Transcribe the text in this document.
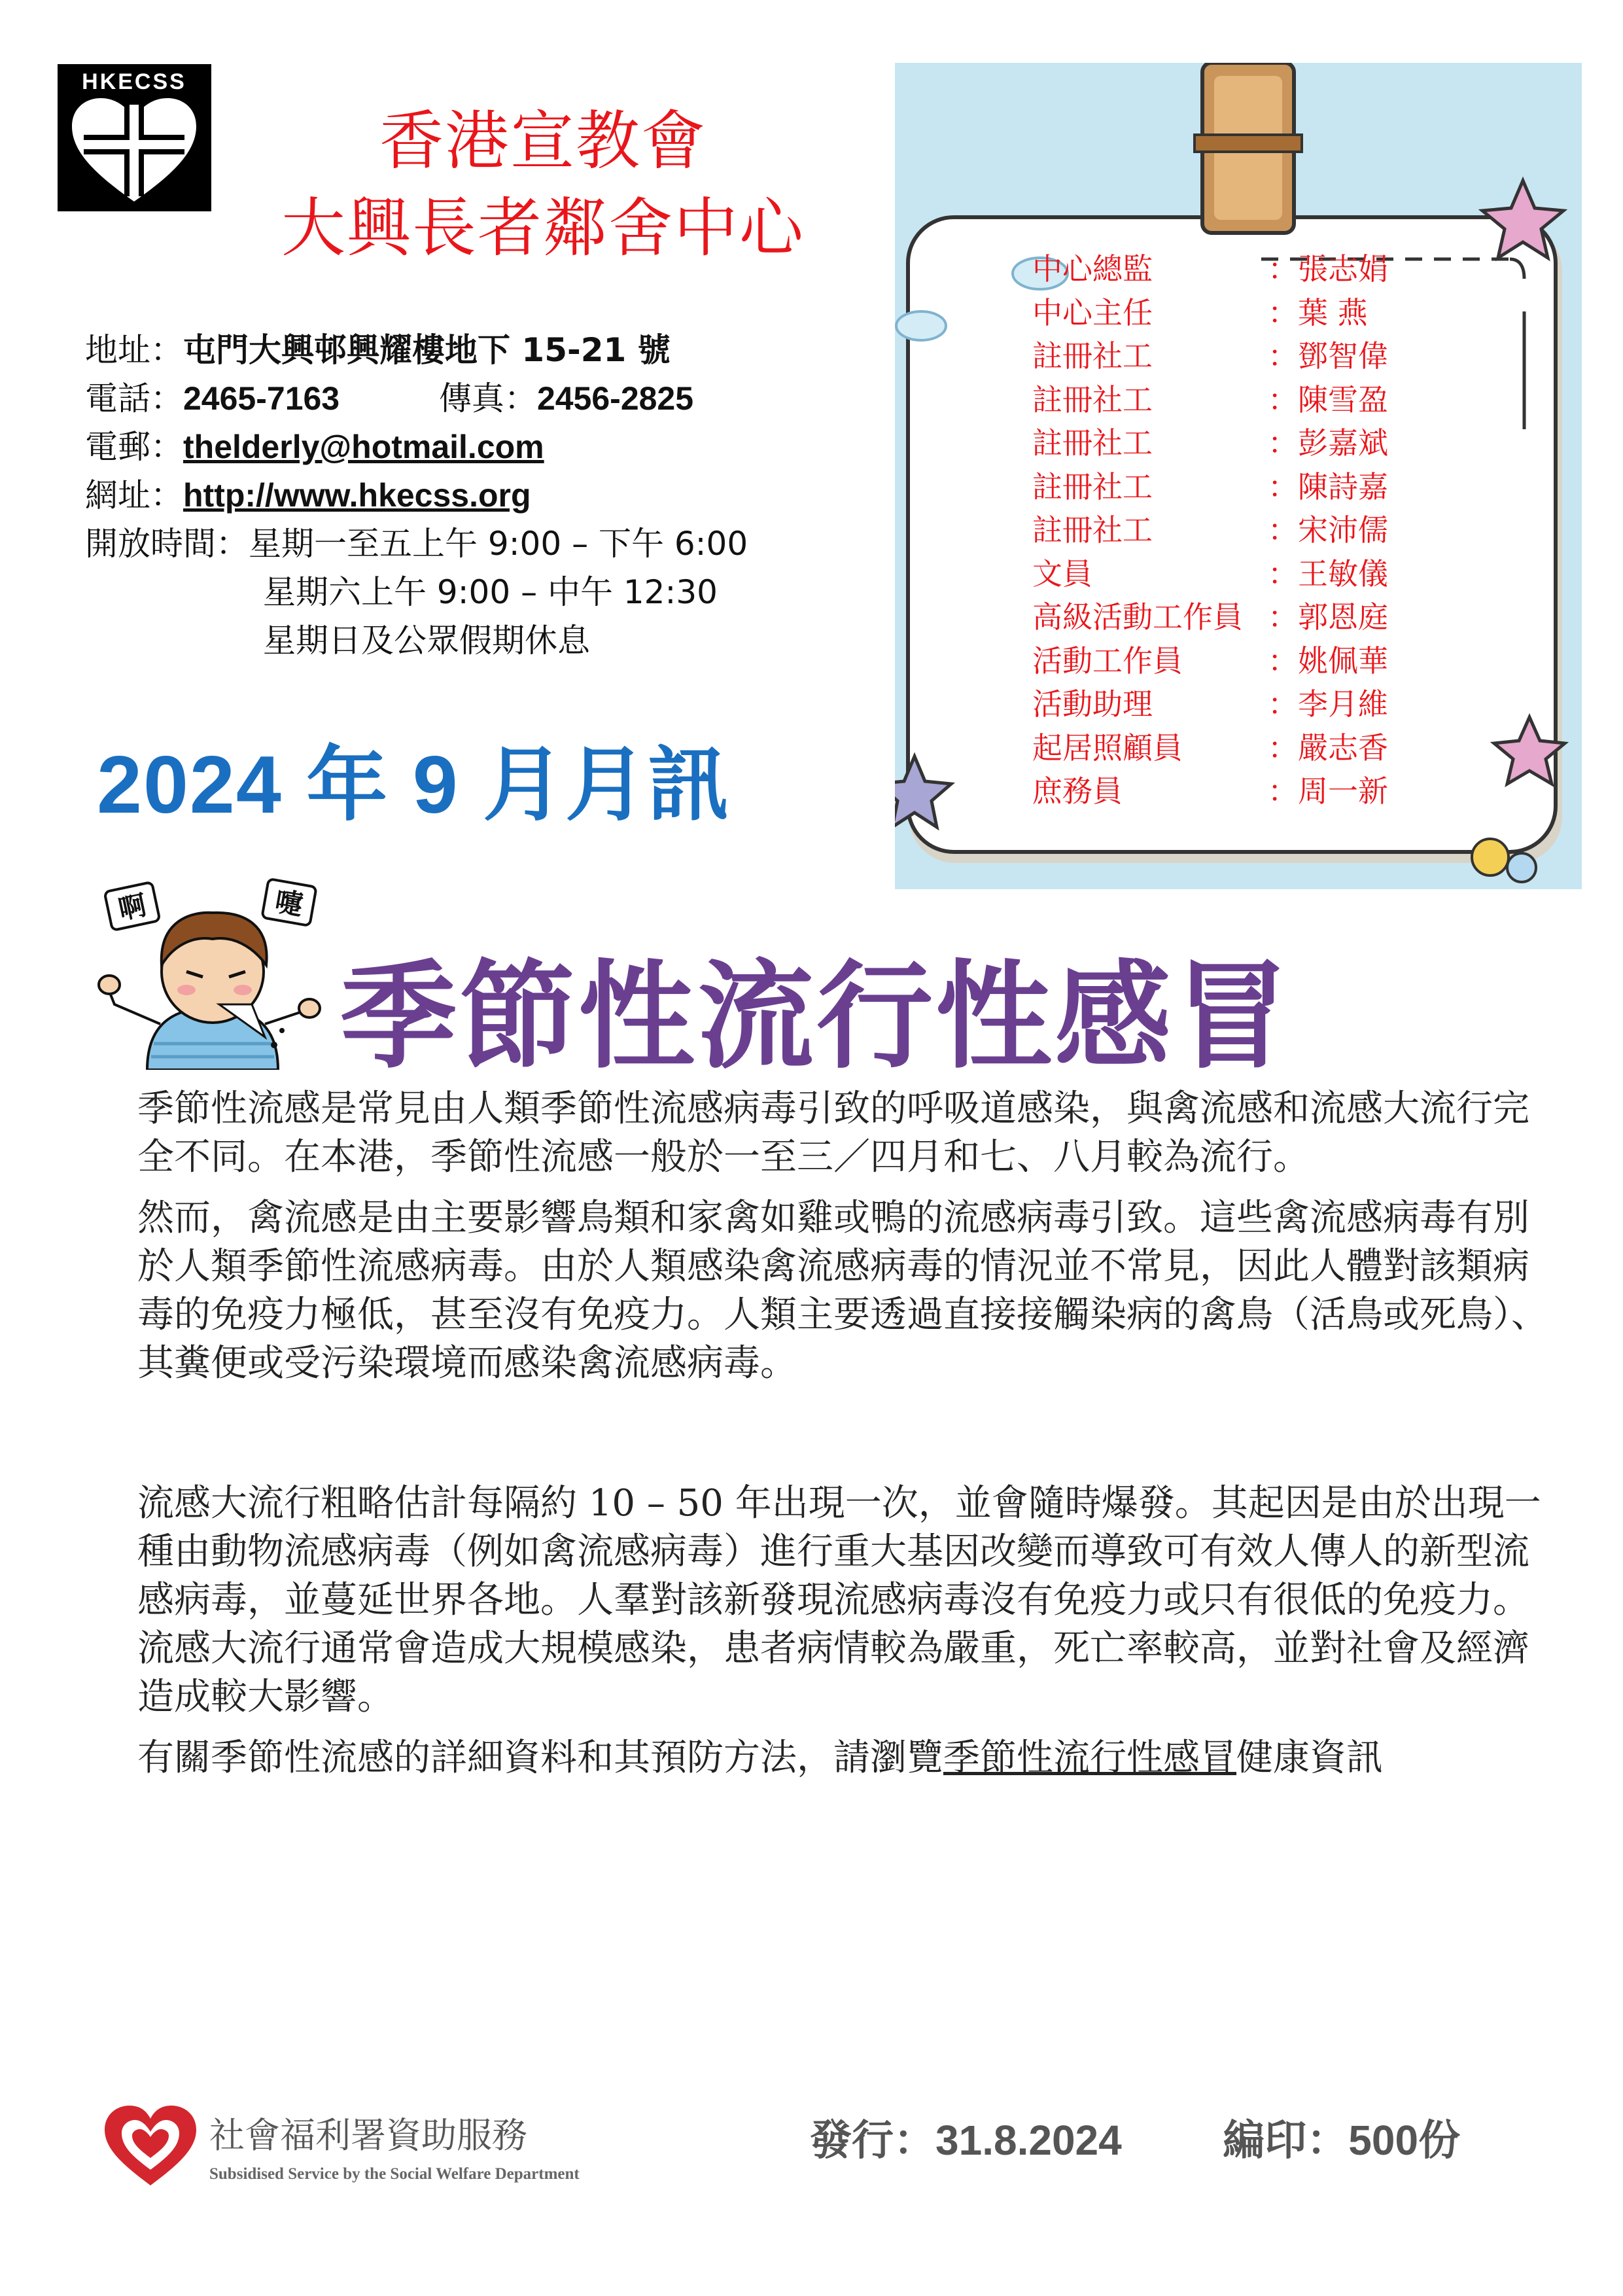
HKECSS
香港宣教會
大興長者鄰舍中心
地址：屯門大興邨興耀樓地下 15-21 號
電話：2465-7163	傳真：2456-2825
電郵：thelderly@hotmail.com
網址：http://www.hkecss.org
開放時間：星期一至五上午 9:00 – 下午 6:00
星期六上午 9:00 – 中午 12:30
星期日及公眾假期休息
2024 年 9 月月訊
中心總監	：張志娟
中心主任	：葉 燕
註冊社工	：鄧智偉
註冊社工	：陳雪盈
註冊社工	：彭嘉斌
註冊社工	：陳詩嘉
註冊社工	：宋沛儒
文員	：王敏儀
高級活動工作員 ：郭恩庭
活動工作員	：姚佩華
活動助理	：李月維
起居照顧員	：嚴志香
庶務員	：周一新
啊	嚏
季節性流行性感冒

季節性流感是常見由人類季節性流感病毒引致的呼吸道感染，與禽流感和流感大流行完全不同。在本港，季節性流感一般於一至三／四月和七、八月較為流行。

然而，禽流感是由主要影響鳥類和家禽如雞或鴨的流感病毒引致。這些禽流感病毒有別於人類季節性流感病毒。由於人類感染禽流感病毒的情況並不常見，因此人體對該類病毒的免疫力極低，甚至沒有免疫力。人類主要透過直接接觸染病的禽鳥（活鳥或死鳥）、其糞便或受污染環境而感染禽流感病毒。

流感大流行粗略估計每隔約 10 – 50 年出現一次，並會隨時爆發。其起因是由於出現一種由動物流感病毒（例如禽流感病毒）進行重大基因改變而導致可有效人傳人的新型流感病毒，並蔓延世界各地。人羣對該新發現流感病毒沒有免疫力或只有很低的免疫力。流感大流行通常會造成大規模感染，患者病情較為嚴重，死亡率較高，並對社會及經濟造成較大影響。

有關季節性流感的詳細資料和其預防方法，請瀏覽季節性流行性感冒健康資訊

社會福利署資助服務
Subsidised Service by the Social Welfare Department
發行：31.8.2024 編印：500份
